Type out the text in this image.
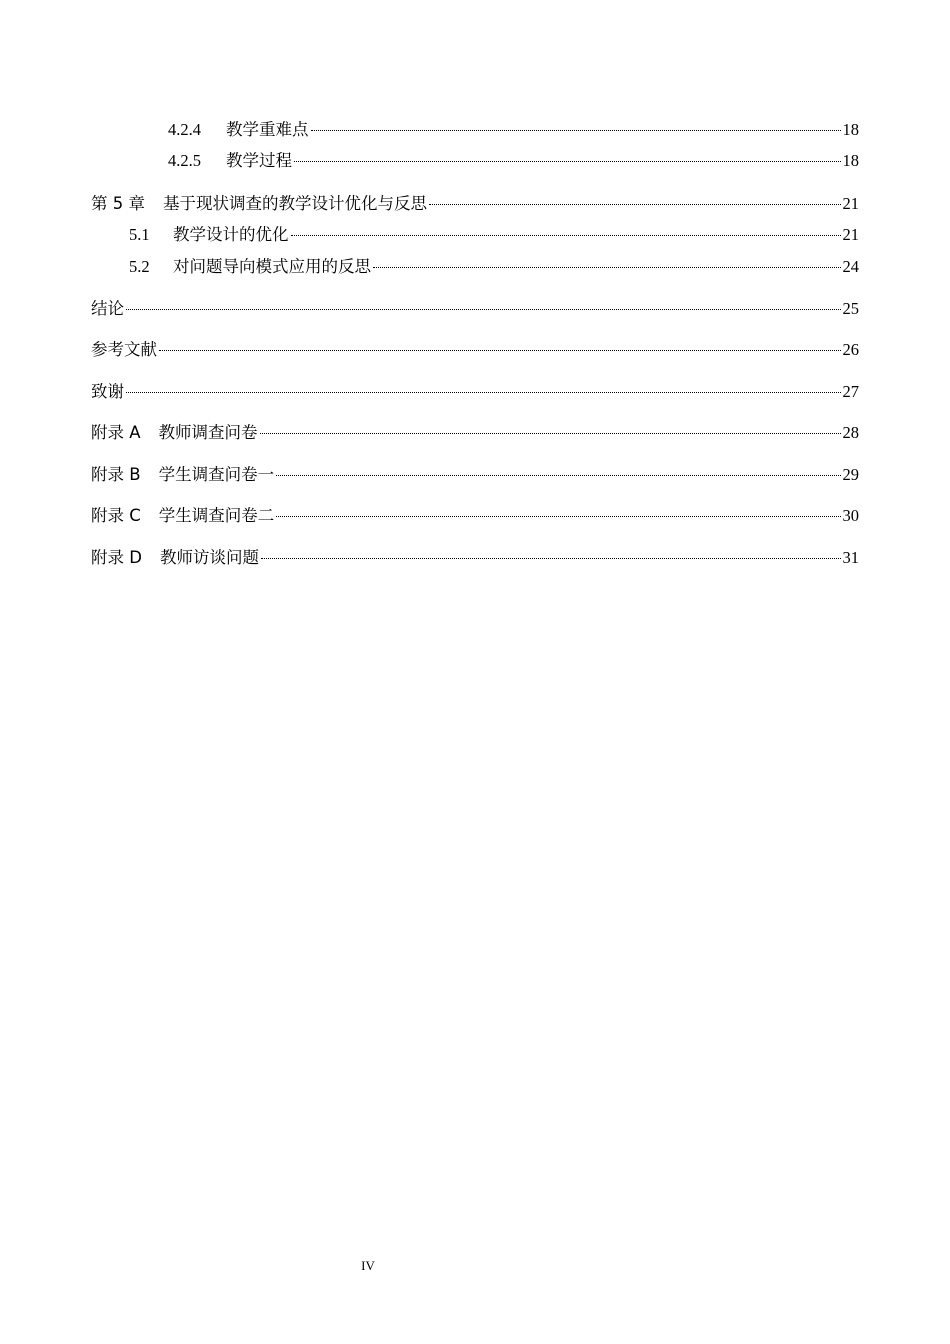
4.2.4	教学重难点	18
4.2.5	教学过程	18
第 5 章 基于现状调查的教学设计优化与反思	21
5.1	教学设计的优化	21
5.2	对问题导向模式应用的反思	24
结论	25
参考文献	26
致谢	27
附录 A 教师调查问卷	28
附录 B 学生调查问卷一	29
附录 C 学生调查问卷二	30
附录 D 教师访谈问题	31
IV
